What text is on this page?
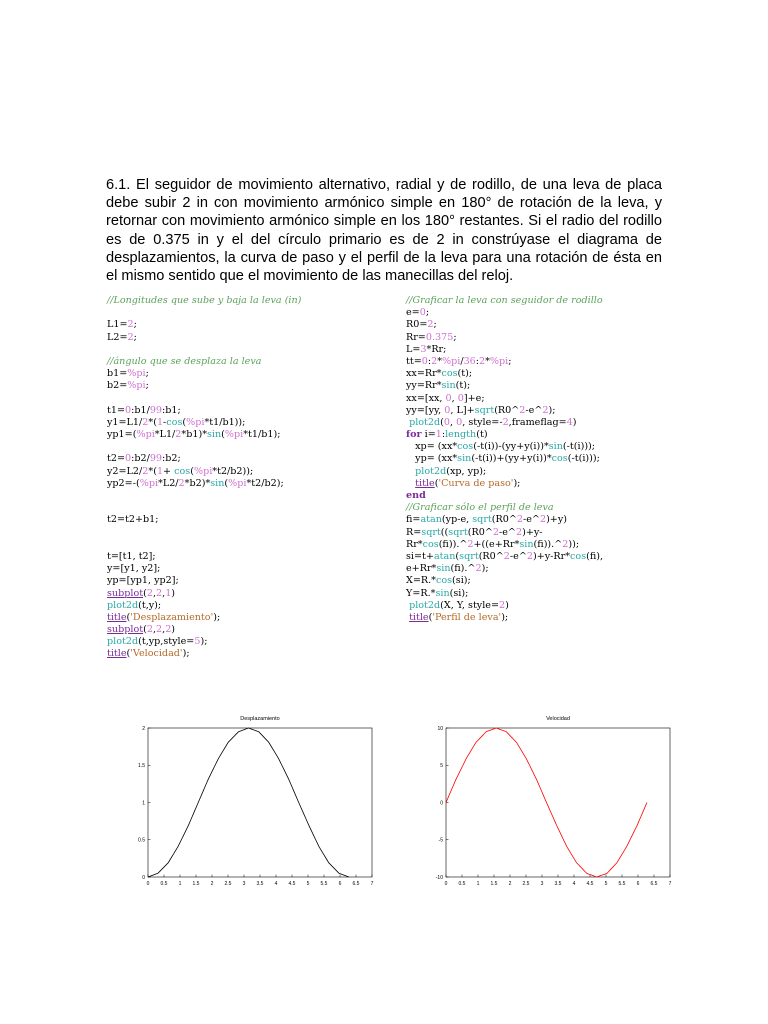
6.1. El seguidor de movimiento alternativo, radial y de rodillo, de una leva de placa debe subir 2 in con movimiento armónico simple en 180° de rotación de la leva, y retornar con movimiento armónico simple en los 180° restantes. Si el radio del rodillo es de 0.375 in y el del círculo primario es de 2 in constrúyase el diagrama de desplazamientos, la curva de paso y el perfil de la leva para una rotación de ésta en el mismo sentido que el movimiento de las manecillas del reloj.
//Longitudes que sube y baja la leva (in)

L1=2;
L2=2;

//ángulo que se desplaza la leva
b1=%pi;
b2=%pi;

t1=0:b1/99:b1;
y1=L1/2*(1-cos(%pi*t1/b1));
yp1=(%pi*L1/2*b1)*sin(%pi*t1/b1);

t2=0:b2/99:b2;
y2=L2/2*(1+ cos(%pi*t2/b2));
yp2=-(%pi*L2/2*b2)*sin(%pi*t2/b2);

t2=t2+b1;

t=[t1, t2];
y=[y1, y2];
yp=[yp1, yp2];
subplot(2,2,1)
plot2d(t,y);
title('Desplazamiento');
subplot(2,2,2)
plot2d(t,yp,style=5);
title('Velocidad');
//Graficar la leva con seguidor de rodillo
e=0;
R0=2;
Rr=0.375;
L=3*Rr;
tt=0:2*%pi/36:2*%pi;
xx=Rr*cos(t);
yy=Rr*sin(t);
xx=[xx, 0, 0]+e;
yy=[yy, 0, L]+sqrt(R0^2-e^2);
plot2d(0, 0, style=-2,frameflag=4)
for i=1:length(t)
xp= (xx*cos(-t(i))-(yy+y(i))*sin(-t(i)));
yp= (xx*sin(-t(i))+(yy+y(i))*cos(-t(i)));
plot2d(xp, yp);
title('Curva de paso');
end
//Graficar sólo el perfil de leva
fi=atan(yp-e, sqrt(R0^2-e^2)+y)
R=sqrt((sqrt(R0^2-e^2)+y-
Rr*cos(fi)).^2+((e+Rr*sin(fi)).^2));
si=t+atan(sqrt(R0^2-e^2)+y-Rr*cos(fi),
e+Rr*sin(fi).^2);
X=R.*cos(si);
Y=R.*sin(si);
plot2d(X, Y, style=2)
title('Perfil de leva');
Desplazamiento
0 0.5 1 1.5 2 2.5 3 3.5 4 4.5 5 5.5 6 6.5 7
0
0.5
1
1.5
2
Velocidad
0 0.5 1 1.5 2 2.5 3 3.5 4 4.5 5 5.5 6 6.5 7
-10
-5
0
5
10
